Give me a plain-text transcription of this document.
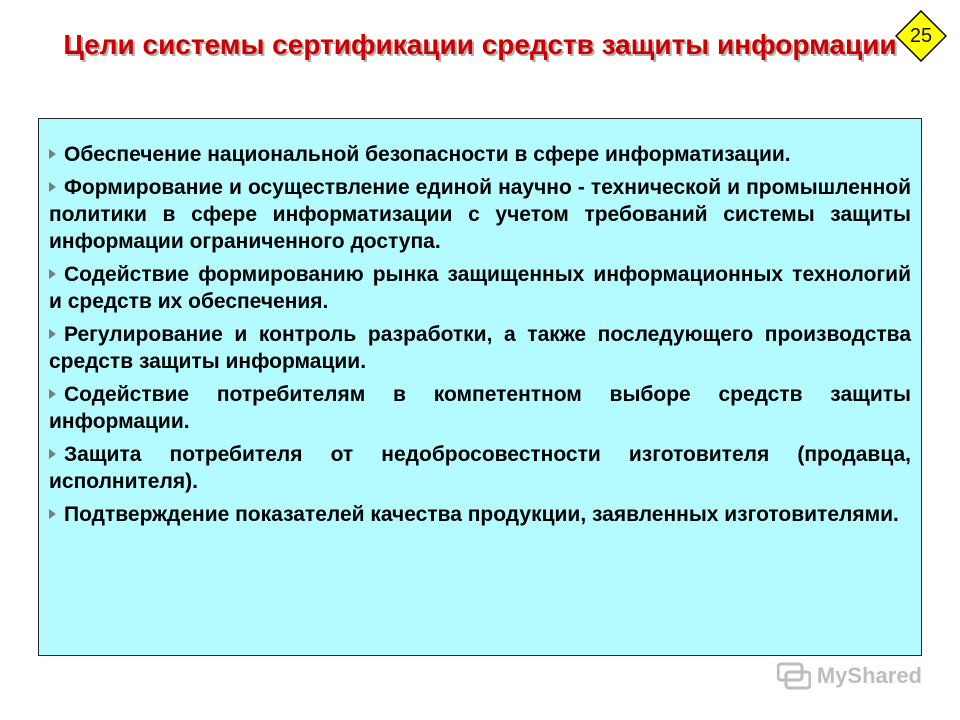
Цели системы сертификации средств защиты информации 25
Обеспечение национальной безопасности в сфере информатизации.
Формирование и осуществление единой научно - технической и промышленной политики в сфере информатизации с учетом требований системы защиты информации ограниченного доступа.
Содействие формированию рынка защищенных информационных технологий и средств их обеспечения.
Регулирование и контроль разработки, а также последующего производства средств защиты информации.
Содействие потребителям в компетентном выборе средств защиты информации.
Защита потребителя от недобросовестности изготовителя (продавца, исполнителя).
Подтверждение показателей качества продукции, заявленных изготовителями.
MyShared
